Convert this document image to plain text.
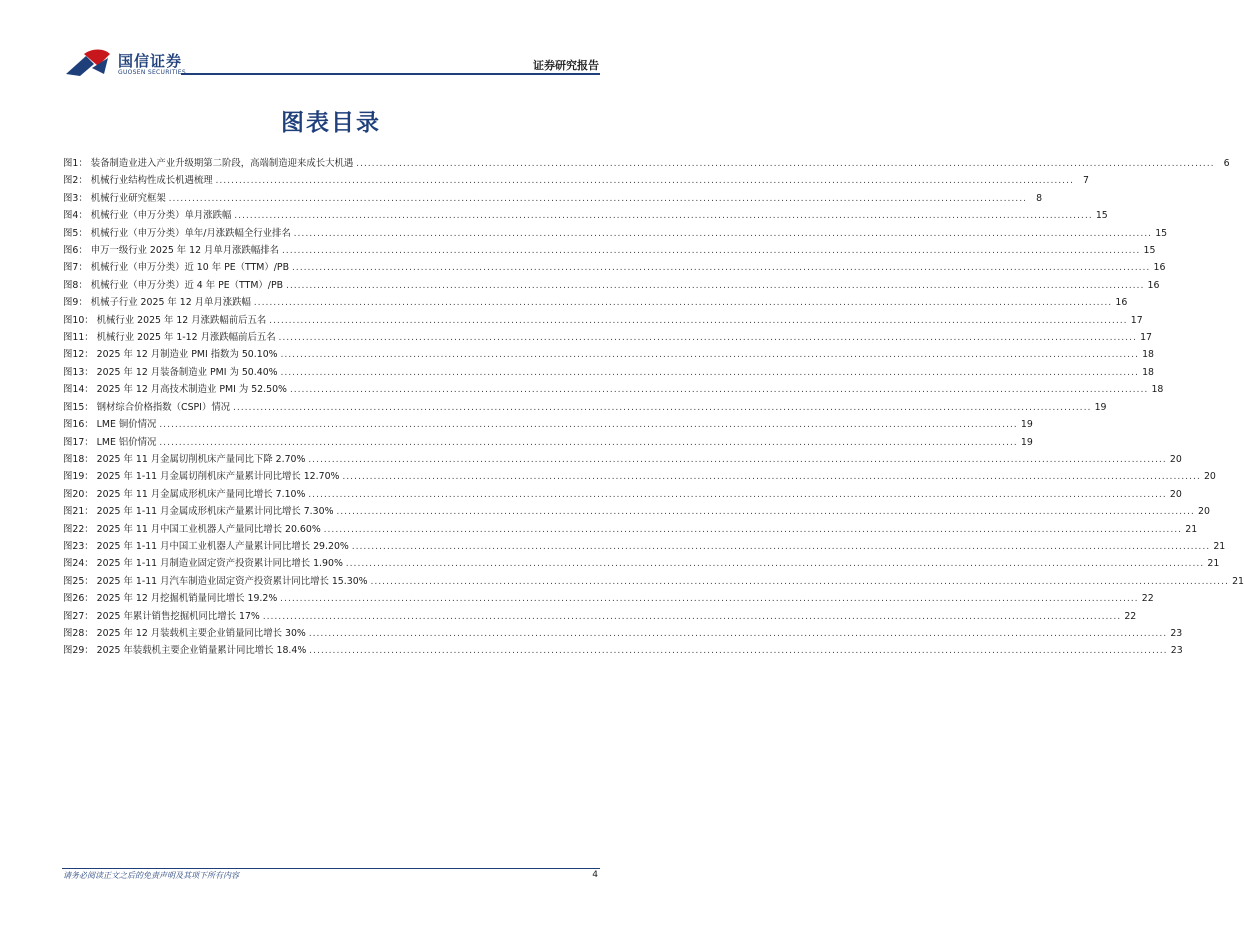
国信证券
GUOSEN SECURITIES
证券研究报告
图表目录
图1： 装备制造业进入产业升级期第二阶段，高端制造迎来成长大机遇 ............................................................................................................................................................................................................................ 6
图2： 机械行业结构性成长机遇梳理 ............................................................................................................................................................................................................................ 7
图3： 机械行业研究框架 ............................................................................................................................................................................................................................ 8
图4： 机械行业（申万分类）单月涨跌幅 ............................................................................................................................................................................................................................ 15
图5： 机械行业（申万分类）单年/月涨跌幅全行业排名 ............................................................................................................................................................................................................................ 15
图6： 申万一级行业 2025 年 12 月单月涨跌幅排名 ............................................................................................................................................................................................................................ 15
图7： 机械行业（申万分类）近 10 年 PE（TTM）/PB ............................................................................................................................................................................................................................ 16
图8： 机械行业（申万分类）近 4 年 PE（TTM）/PB ............................................................................................................................................................................................................................ 16
图9： 机械子行业 2025 年 12 月单月涨跌幅 ............................................................................................................................................................................................................................ 16
图10： 机械行业 2025 年 12 月涨跌幅前后五名 ............................................................................................................................................................................................................................ 17
图11： 机械行业 2025 年 1-12 月涨跌幅前后五名 ............................................................................................................................................................................................................................ 17
图12： 2025 年 12 月制造业 PMI 指数为 50.10% ............................................................................................................................................................................................................................ 18
图13： 2025 年 12 月装备制造业 PMI 为 50.40% ............................................................................................................................................................................................................................ 18
图14： 2025 年 12 月高技术制造业 PMI 为 52.50% ............................................................................................................................................................................................................................ 18
图15： 钢材综合价格指数（CSPI）情况 ............................................................................................................................................................................................................................ 19
图16： LME 铜价情况 ............................................................................................................................................................................................................................ 19
图17： LME 铝价情况 ............................................................................................................................................................................................................................ 19
图18： 2025 年 11 月金属切削机床产量同比下降 2.70% ............................................................................................................................................................................................................................ 20
图19： 2025 年 1-11 月金属切削机床产量累计同比增长 12.70% ............................................................................................................................................................................................................................ 20
图20： 2025 年 11 月金属成形机床产量同比增长 7.10% ............................................................................................................................................................................................................................ 20
图21： 2025 年 1-11 月金属成形机床产量累计同比增长 7.30% ............................................................................................................................................................................................................................ 20
图22： 2025 年 11 月中国工业机器人产量同比增长 20.60% ............................................................................................................................................................................................................................ 21
图23： 2025 年 1-11 月中国工业机器人产量累计同比增长 29.20% ............................................................................................................................................................................................................................ 21
图24： 2025 年 1-11 月制造业固定资产投资累计同比增长 1.90% ............................................................................................................................................................................................................................ 21
图25： 2025 年 1-11 月汽车制造业固定资产投资累计同比增长 15.30% ............................................................................................................................................................................................................................ 21
图26： 2025 年 12 月挖掘机销量同比增长 19.2% ............................................................................................................................................................................................................................ 22
图27： 2025 年累计销售挖掘机同比增长 17% ............................................................................................................................................................................................................................ 22
图28： 2025 年 12 月装载机主要企业销量同比增长 30% ............................................................................................................................................................................................................................ 23
图29： 2025 年装载机主要企业销量累计同比增长 18.4% ............................................................................................................................................................................................................................ 23
请务必阅读正文之后的免责声明及其项下所有内容	4
